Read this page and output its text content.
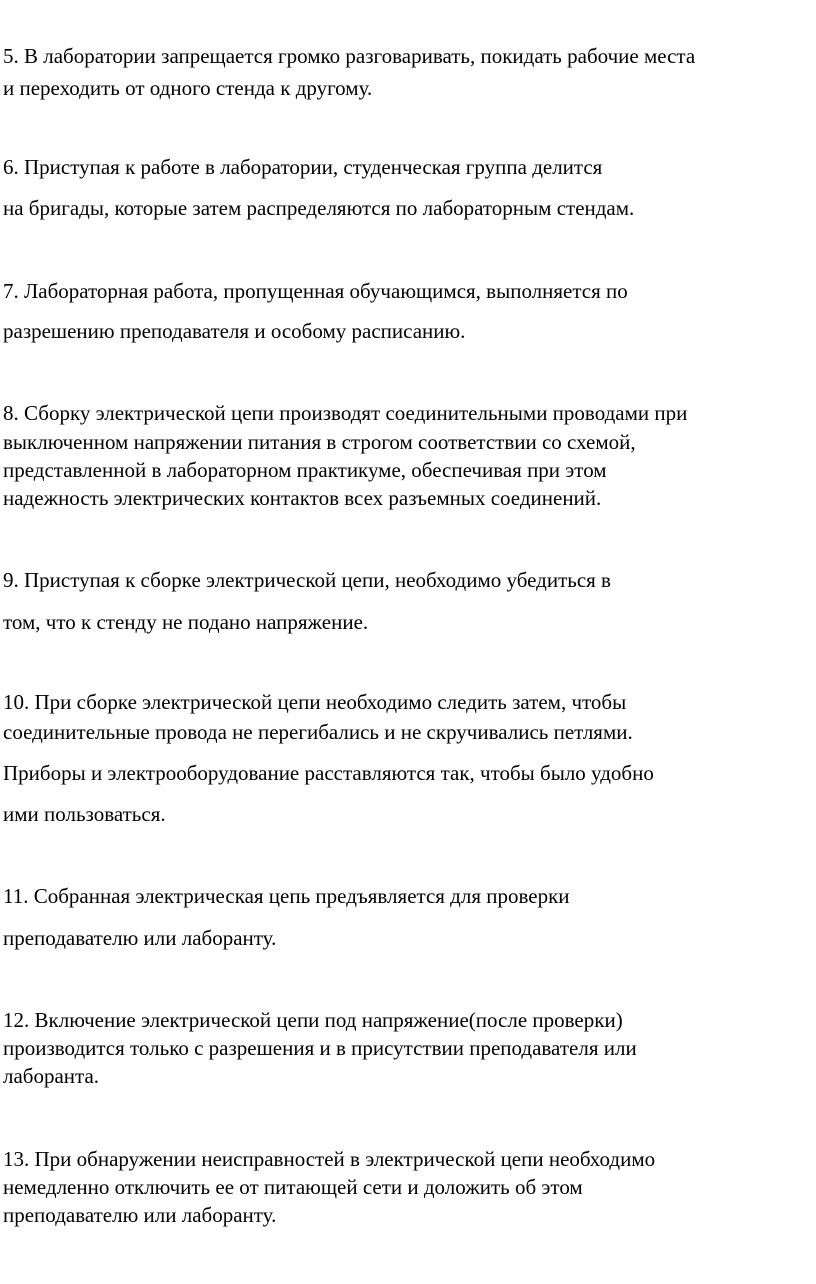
5. В лаборатории запрещается громко разговаривать, покидать рабочие места
и переходить от одного стенда к другому.
6. Приступая к работе в лаборатории, студенческая группа делится
на бригады, которые затем распределяются по лабораторным стендам.
7. Лабораторная работа, пропущенная обучающимся, выполняется по
разрешению преподавателя и особому расписанию.
8. Сборку электрической цепи производят соединительными проводами при
выключенном напряжении питания в строгом соответствии со схемой,
представленной в лабораторном практикуме, обеспечивая при этом
надежность электрических контактов всех разъемных соединений.
9. Приступая к сборке электрической цепи, необходимо убедиться в
том, что к стенду не подано напряжение.
10. При сборке электрической цепи необходимо следить затем, чтобы
соединительные провода не перегибались и не скручивались петлями.
Приборы и электрооборудование расставляются так, чтобы было удобно
ими пользоваться.
11. Собранная электрическая цепь предъявляется для проверки
преподавателю или лаборанту.
12. Включение электрической цепи под напряжение(после проверки)
производится только с разрешения и в присутствии преподавателя или
лаборанта.
13. При обнаружении неисправностей в электрической цепи необходимо
немедленно отключить ее от питающей сети и доложить об этом
преподавателю или лаборанту.
